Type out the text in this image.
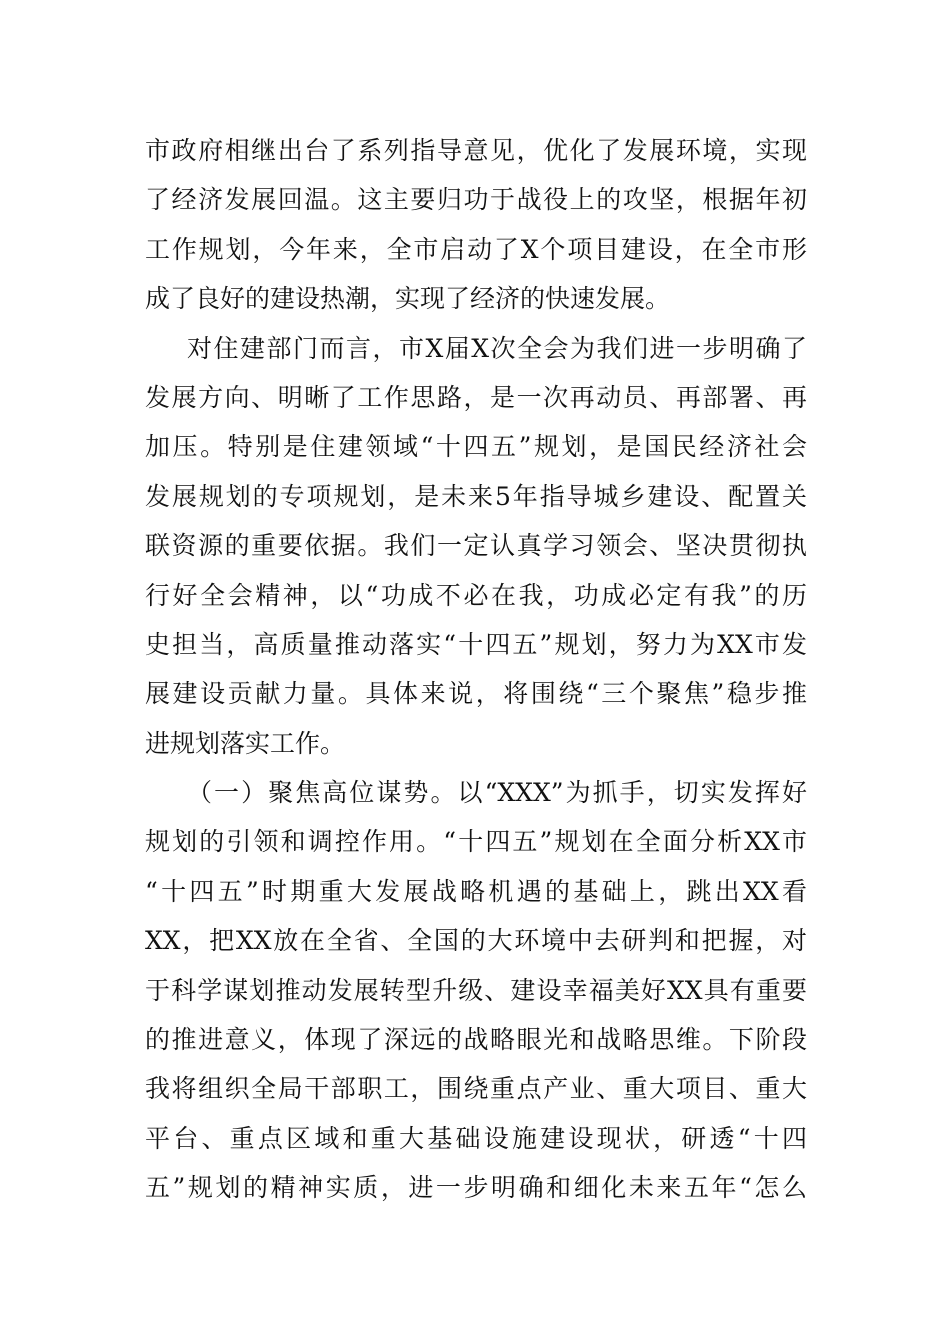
市政府相继出台了系列指导意见，优化了发展环境，实现
了经济发展回温。这主要归功于战役上的攻坚，根据年初
工作规划，今年来，全市启动了X个项目建设，在全市形
成了良好的建设热潮，实现了经济的快速发展。
对住建部门而言，市X届X次全会为我们进一步明确了
发展方向、明晰了工作思路，是一次再动员、再部署、再
加压。特别是住建领域“十四五”规划，是国民经济社会
发展规划的专项规划，是未来5年指导城乡建设、配置关
联资源的重要依据。我们一定认真学习领会、坚决贯彻执
行好全会精神，以“功成不必在我，功成必定有我”的历
史担当，高质量推动落实“十四五”规划，努力为XX市发
展建设贡献力量。具体来说，将围绕“三个聚焦”稳步推
进规划落实工作。
（一）聚焦高位谋势。以“XXX”为抓手，切实发挥好
规划的引领和调控作用。“十四五”规划在全面分析XX市
“十四五”时期重大发展战略机遇的基础上，跳出XX看
XX，把XX放在全省、全国的大环境中去研判和把握，对
于科学谋划推动发展转型升级、建设幸福美好XX具有重要
的推进意义，体现了深远的战略眼光和战略思维。下阶段
我将组织全局干部职工，围绕重点产业、重大项目、重大
平台、重点区域和重大基础设施建设现状，研透“十四
五”规划的精神实质，进一步明确和细化未来五年“怎么
